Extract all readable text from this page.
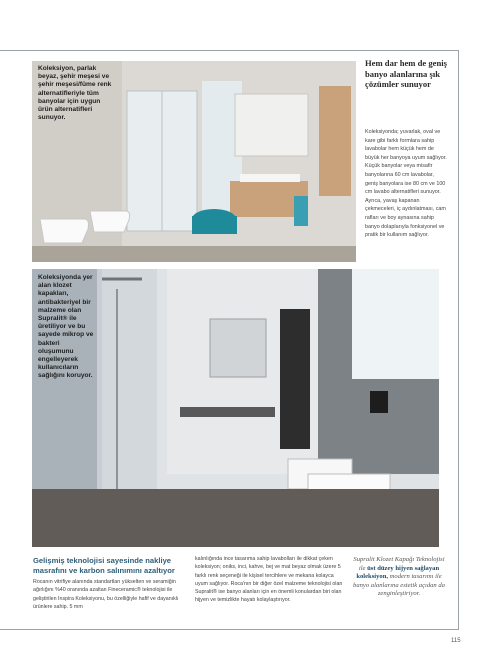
Koleksiyon, parlak beyaz, şehir meşesi ve şehir meşesi/füme renk alternatifleriyle tüm banyolar için uygun ürün alternatifleri sunuyor.
Hem dar hem de geniş banyo alanlarına şık çözümler sunuyor
Koleksiyonda; yuvarlak, oval ve kare gibi farklı formlara sahip lavabolar hem küçük hem de büyük her banyoya uyum sağlıyor. Küçük banyolar veya misafir banyolarına 60 cm lavabolar, geniş banyolara ise 80 cm ve 100 cm lavabo alternatifleri sunuyor. Ayrıca, yavaş kapanan çekmeceleri, iç aydınlatması, cam rafları ve boy aynasına sahip banyo dolaplarıyla fonksiyonel ve pratik bir kullanım sağlıyor.
Koleksiyonda yer alan klozet kapakları, antibakteriyel bir malzeme olan Supralit® ile üretiliyor ve bu sayede mikrop ve bakteri oluşumunu engelleyerek kullanıcıların sağlığını koruyor.
Gelişmiş teknolojisi sayesinde nakliye masrafını ve karbon salınımını azaltıyor
Rocanın vitrifiye alanında standartları yükselten ve seramiğin ağırlığını %40 oranında azaltan Fineceramic® teknolojisi ile geliştirilen Inspira Koleksiyonu, bu özelliğiyle hafif ve dayanıklı ürünlere sahip. 5 mm
kalınlığında ince tasarıma sahip lavabolları ile dikkat çeken koleksiyon; oniks, inci, kahve, bej ve mat beyaz olmak üzere 5 farklı renk seçeneği ile kişisel tercihlere ve mekana kolayca uyum sağlıyor. Roca'nın bir diğer özel malzeme teknolojisi olan Supralit® ise banyo alanları için en önemli konulardan biri olan hijyen ve temizlikte hayatı kolaylaştırıyor.
Supralit Klozet Kapağı Teknolojisi ile üst düzey hijyen sağlayan koleksiyon, modern tasarımı ile banyo alanlarına estetik açıdan da zenginleştiriyor.
115
